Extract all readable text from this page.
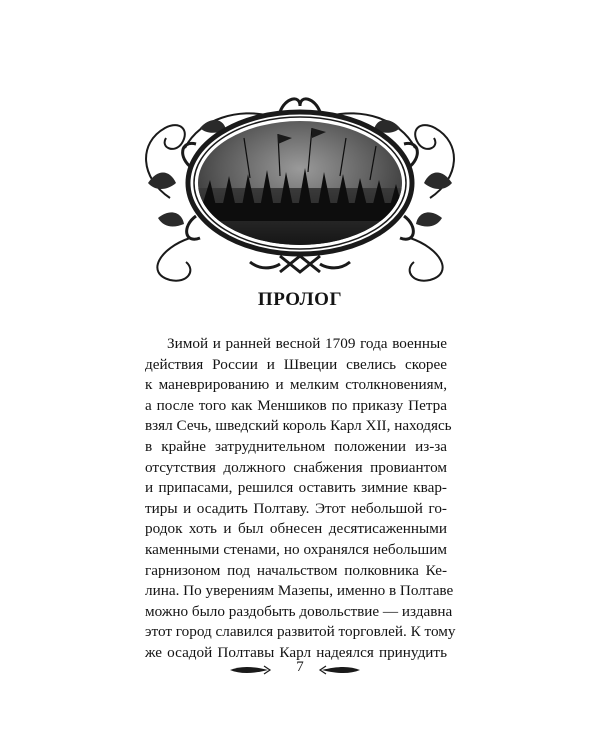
ПРОЛОГ
Зимой и ранней весной 1709 года военные
действия России и Швеции свелись скорее
к маневрированию и мелким столкновениям,
а после того как Меншиков по приказу Петра
взял Сечь, шведский король Карл XII, находясь
в крайне затруднительном положении из-за
отсутствия должного снабжения провиантом
и припасами, решился оставить зимние квар-
тиры и осадить Полтаву. Этот небольшой го-
родок хоть и был обнесен десятисаженными
каменными стенами, но охранялся небольшим
гарнизоном под начальством полковника Ке-
лина. По уверениям Мазепы, именно в Полтаве
можно было раздобыть довольствие — издавна
этот город славился развитой торговлей. К тому
же осадой Полтавы Карл надеялся принудить
7
